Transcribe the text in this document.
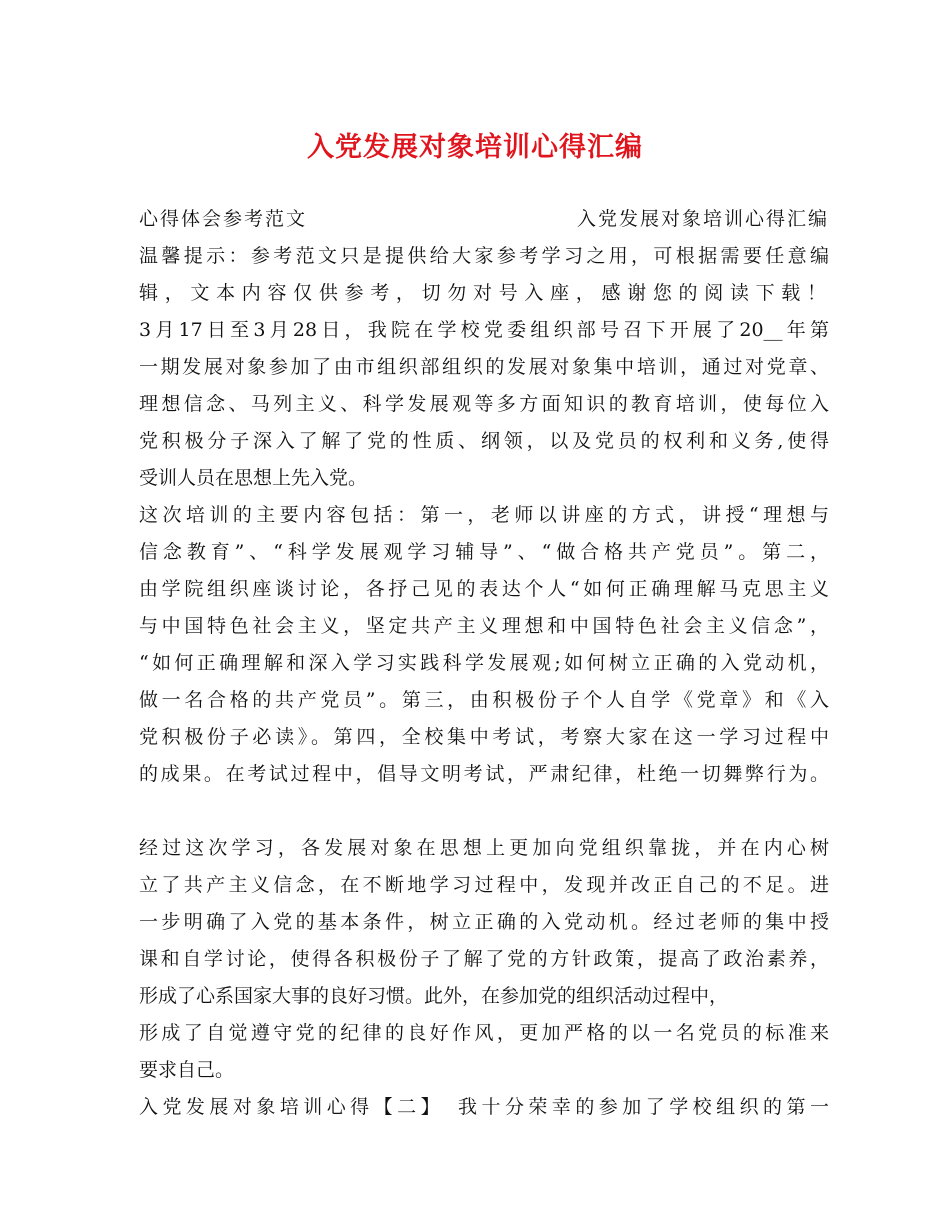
入党发展对象培训心得汇编
心得体会参考范文	入党发展对象培训心得汇编
温馨提示：参考范文只是提供给大家参考学习之用，可根据需要任意编
辑，文本内容仅供参考，切勿对号入座，感谢您的阅读下载！
3月17日至3月28日，我院在学校党委组织部号召下开展了20__年第
一期发展对象参加了由市组织部组织的发展对象集中培训，通过对党章、
理想信念、马列主义、科学发展观等多方面知识的教育培训，使每位入
党积极分子深入了解了党的性质、纲领，以及党员的权利和义务,使得
受训人员在思想上先入党。
这次培训的主要内容包括：第一，老师以讲座的方式，讲授“理想与
信念教育”、“科学发展观学习辅导”、“做合格共产党员”。第二，
由学院组织座谈讨论，各抒己见的表达个人“如何正确理解马克思主义
与中国特色社会主义，坚定共产主义理想和中国特色社会主义信念”，
“如何正确理解和深入学习实践科学发展观;如何树立正确的入党动机，
做一名合格的共产党员”。第三，由积极份子个人自学《党章》和《入
党积极份子必读》。第四，全校集中考试，考察大家在这一学习过程中
的成果。在考试过程中，倡导文明考试，严肃纪律，杜绝一切舞弊行为。
经过这次学习，各发展对象在思想上更加向党组织靠拢，并在内心树
立了共产主义信念，在不断地学习过程中，发现并改正自己的不足。进
一步明确了入党的基本条件，树立正确的入党动机。经过老师的集中授
课和自学讨论，使得各积极份子了解了党的方针政策，提高了政治素养，
形成了心系国家大事的良好习惯。此外，在参加党的组织活动过程中，
形成了自觉遵守党的纪律的良好作风，更加严格的以一名党员的标准来
要求自己。
入党发展对象培训心得【二】　我十分荣幸的参加了学校组织的第一
